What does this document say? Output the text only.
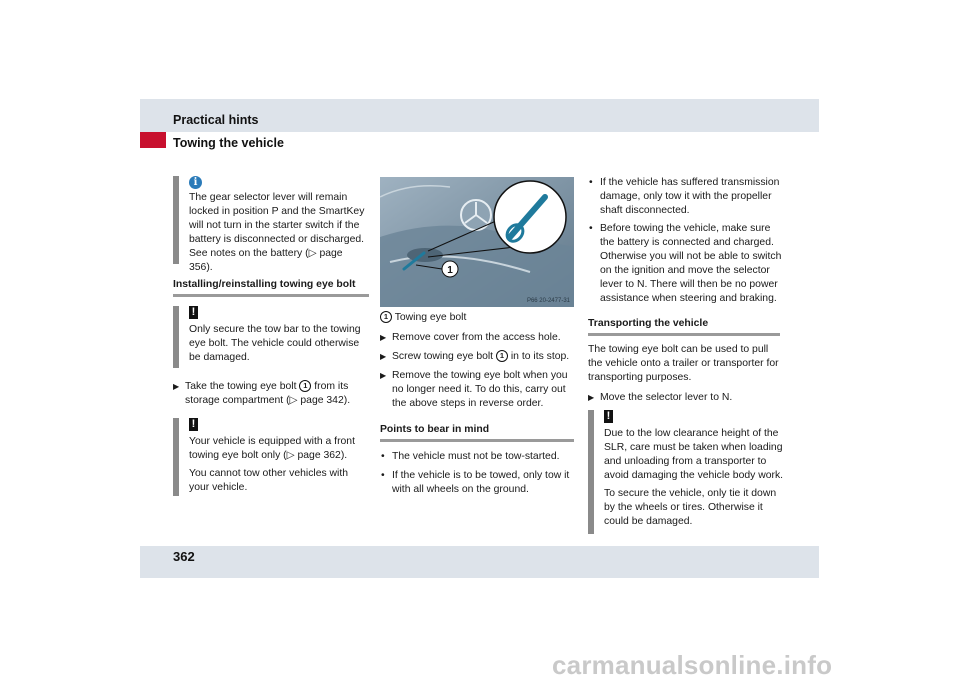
Practical hints
Towing the vehicle
i

The gear selector lever will remain locked in position P and the SmartKey will not turn in the starter switch if the battery is disconnected or discharged. See notes on the battery (▷ page 356).

Installing/reinstalling towing eye bolt
!

Only secure the tow bar to the towing eye bolt. The vehicle could otherwise be damaged.

▶ Take the towing eye bolt 1 from its storage compartment (▷ page 342).
!

Your vehicle is equipped with a front towing eye bolt only (▷ page 362).

You cannot tow other vehicles with your vehicle.

1
P66 20-2477-31
1 Towing eye bolt
▶ Remove cover from the access hole.
▶ Screw towing eye bolt 1 in to its stop.
▶ Remove the towing eye bolt when you no longer need it. To do this, carry out the above steps in reverse order.
Points to bear in mind
• The vehicle must not be tow-started.
• If the vehicle is to be towed, only tow it with all wheels on the ground.
• If the vehicle has suffered transmission damage, only tow it with the propeller shaft disconnected.
• Before towing the vehicle, make sure the battery is connected and charged. Otherwise you will not be able to switch on the ignition and move the selector lever to N. There will then be no power assistance when steering and braking.
Transporting the vehicle
The towing eye bolt can be used to pull the vehicle onto a trailer or transporter for transporting purposes.
▶ Move the selector lever to N.
!

Due to the low clearance height of the SLR, care must be taken when loading and unloading from a transporter to avoid damaging the vehicle body work.

To secure the vehicle, only tie it down by the wheels or tires. Otherwise it could be damaged.

362
carmanualsonline.info
